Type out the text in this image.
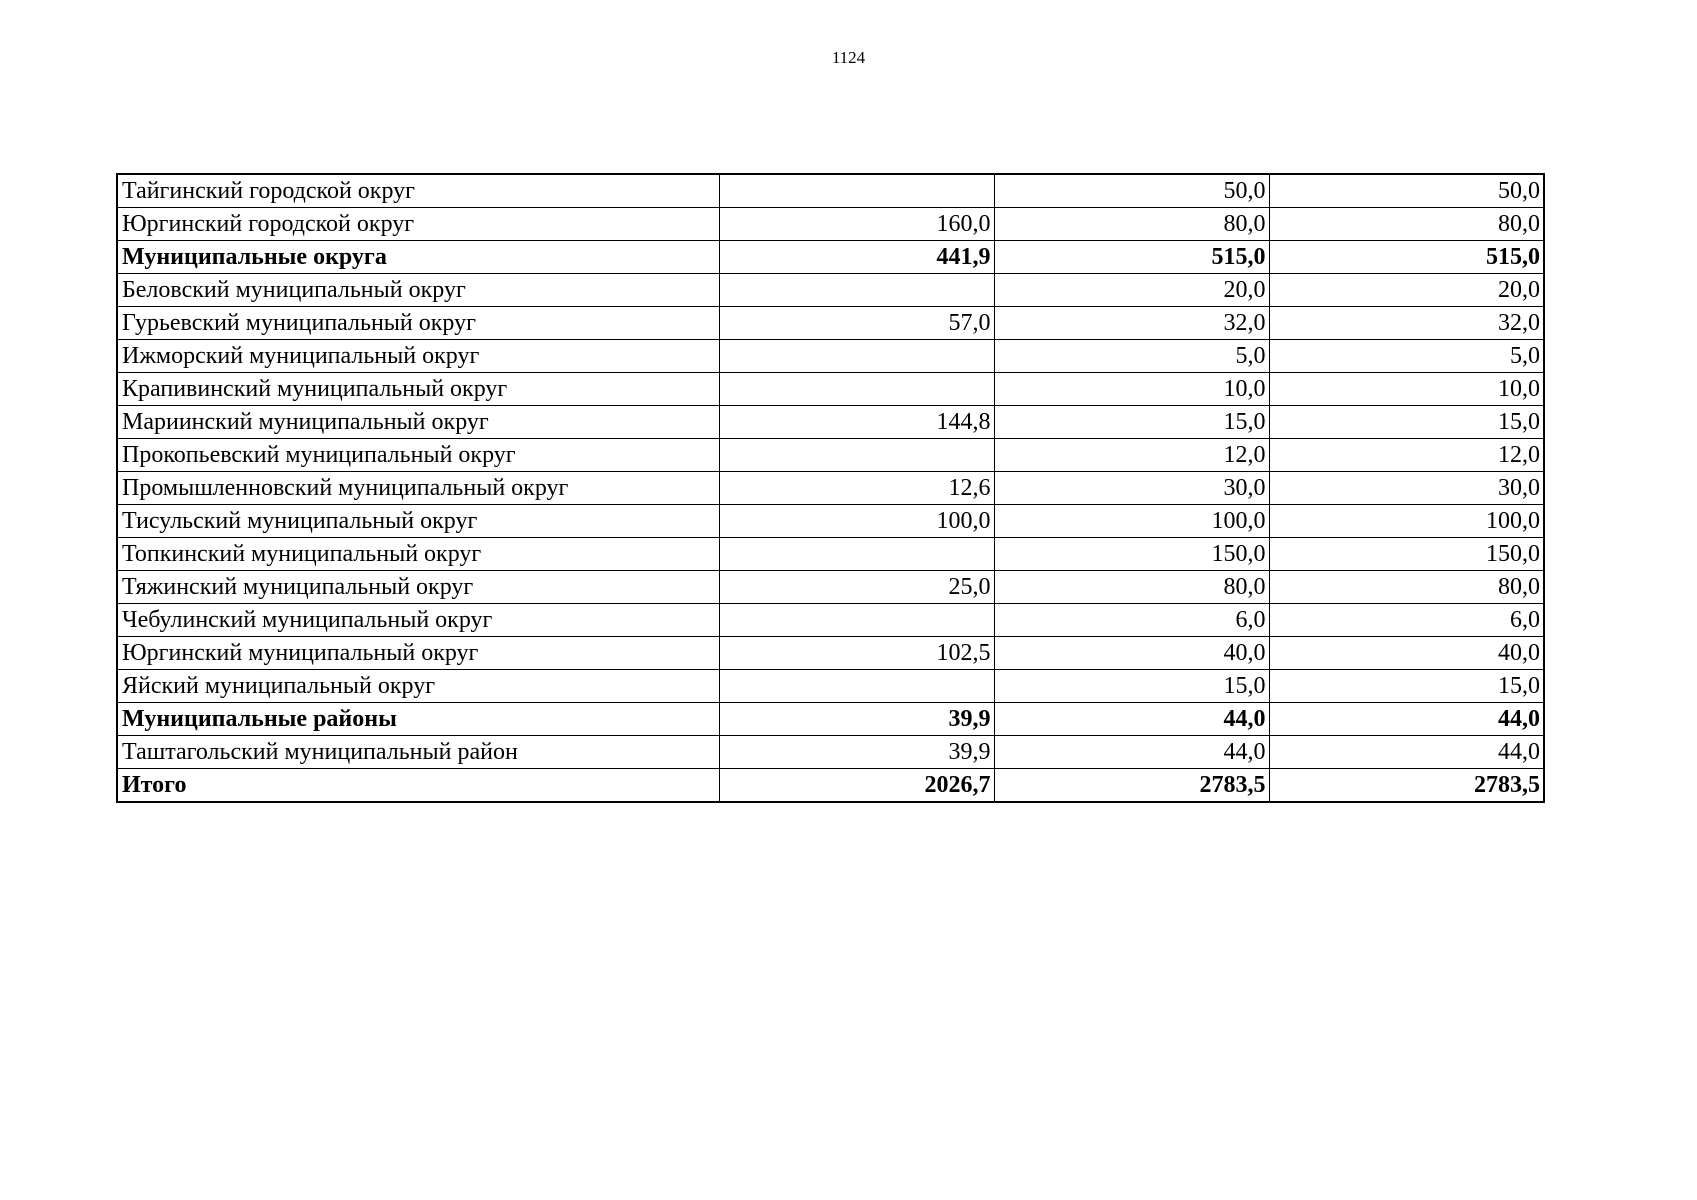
1124
Тайгинский городской округ		50,0	50,0
Юргинский городской округ	160,0	80,0	80,0
Муниципальные округа	441,9	515,0	515,0
Беловский муниципальный округ		20,0	20,0
Гурьевский муниципальный округ	57,0	32,0	32,0
Ижморский муниципальный округ		5,0	5,0
Крапивинский муниципальный округ		10,0	10,0
Мариинский муниципальный округ	144,8	15,0	15,0
Прокопьевский муниципальный округ		12,0	12,0
Промышленновский муниципальный округ	12,6	30,0	30,0
Тисульский муниципальный округ	100,0	100,0	100,0
Топкинский муниципальный округ		150,0	150,0
Тяжинский муниципальный округ	25,0	80,0	80,0
Чебулинский муниципальный округ		6,0	6,0
Юргинский муниципальный округ	102,5	40,0	40,0
Яйский муниципальный округ		15,0	15,0
Муниципальные районы	39,9	44,0	44,0
Таштагольский муниципальный район	39,9	44,0	44,0
Итого	2026,7	2783,5	2783,5
